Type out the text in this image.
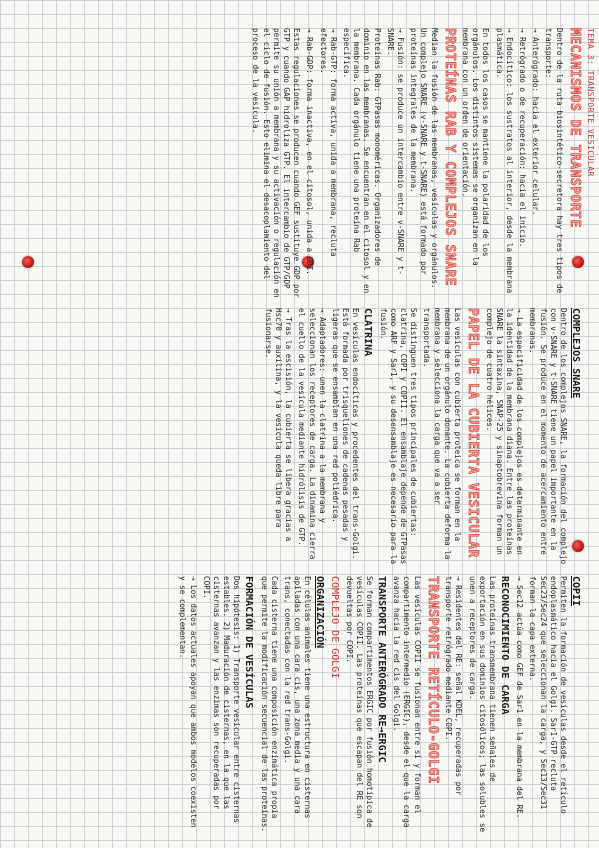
TEMA 3: TRANSPORTE VESICULAR
MECANISMOS DE TRANSPORTE

Dentro de la ruta biosintético-secretora hay tres tipos de transporte:

→ Anterógrado: hacia el exterior celular.

→ Retrógrado o de recuperación: hacia el inicio.

→ Endocítico: los sustratos al interior, desde la membrana plasmática.

En todos los casos se mantiene la polaridad de los orgánulos. Los distintos sistemas se organizan en la membrana con un orden de orientación.

PROTEÍNAS RAB Y COMPLEJOS SNARE

Median la fusión de las membranas, vesículas y orgánulos. Un complejo SNARE (v-SNARE y t-SNARE) está formado por proteínas integrales de la membrana.

→ Fusión: se produce un intercambio entre v-SNARE y t-SNARE.

Proteínas Rab: GTPasas monoméricas. Organizadores de dominio en las membranas. Se encuentran en el citosol y en la membrana. Cada orgánulo tiene una proteína Rab específica.

→ Rab-GTP: forma activa, unida a membrana, recluta efectores.

→ Rab-GDP: forma inactiva, en el citosol, unida a GDI.

Estas regulaciones se producen cuando GEF sustituye GDP por GTP y cuando GAP hidroliza GTP. El intercambio de GTP/GDP permite su unión a membrana y su activación o regulación en el ciclo de fusión. Esto elimina el desacoplamiento del proceso de la vesícula.

COMPLEJOS SNARE

Dentro de los complejos SNARE, la formación del complejo con v-SNARE y t-SNARE tiene un papel importante en la fusión. Se produce en el momento de acercamiento entre membranas.

→ La especificidad de los complejos es determinante en la identidad de la membrana diana. Entre las proteínas SNARE la sintaxina, SNAP-25 y sinaptobrevina forman un complejo de cuatro hélices.

PAPEL DE LA CUBIERTA VESICULAR

Las vesículas con cubierta proteica se forman en la membrana de un orgánulo donante. La cubierta deforma la membrana y selecciona la carga que va a ser transportada.

Se distinguen tres tipos principales de cubiertas: clatrina, COPI y COPII. El ensamblaje depende de GTPasas como ARF y Sar1, y su desensamblaje es necesario para la fusión.

CLATRINA

En vesículas endocíticas y procedentes del trans-Golgi. Está formada por trisqueliones de cadenas pesadas y ligeras que se ensamblan en una red poliédrica.

→ Adaptadores: unen la clatrina a la membrana y seleccionan los receptores de carga. La dinamina cierra el cuello de la vesícula mediante hidrólisis de GTP.

→ Tras la escisión, la cubierta se libera gracias a Hsc70 y auxilina, y la vesícula queda libre para fusionarse.

COPII

Permiten la formación de vesículas desde el retículo endoplasmático hacia el Golgi. Sar1-GTP recluta Sec23/Sec24 que seleccionan la carga, y Sec13/Sec31 forman la capa externa.

→ Sec12 actúa como GEF de Sar1 en la membrana del RE.

RECONOCIMIENTO DE CARGA

Las proteínas transmembrana tienen señales de exportación en sus dominios citosólicos; las solubles se unen a receptores de carga.

→ Residentes del RE: señal KDEL, recuperadas por transporte retrógrado mediante COPI.

TRANSPORTE RETÍCULO-GOLGI

Las vesículas COPII se fusionan entre sí y forman el compartimento intermedio (ERGIC), desde el que la carga avanza hacia la red cis del Golgi.

TRANSPORTE ANTERÓGRADO RE→ERGIC

Se forman compartimentos ERGIC por fusión homotípica de vesículas COPII. Las proteínas que escapan del RE son devueltas por COPI.

COMPLEJO DE GOLGI
ORGANIZACIÓN

En células animales tiene una estructura en cisternas apiladas con una cara cis, una zona media y una cara trans, conectadas con la red trans-Golgi.

Cada cisterna tiene una composición enzimática propia que permite la modificación secuencial de las proteínas.

FORMACIÓN DE VESÍCULAS

Dos hipótesis: 1) Transporte vesicular entre cisternas estables. 2) Maduración de cisternas, en la que las cisternas avanzan y las enzimas son recuperadas por COPI.

→ Los datos actuales apoyan que ambos modelos coexisten y se complementan.
